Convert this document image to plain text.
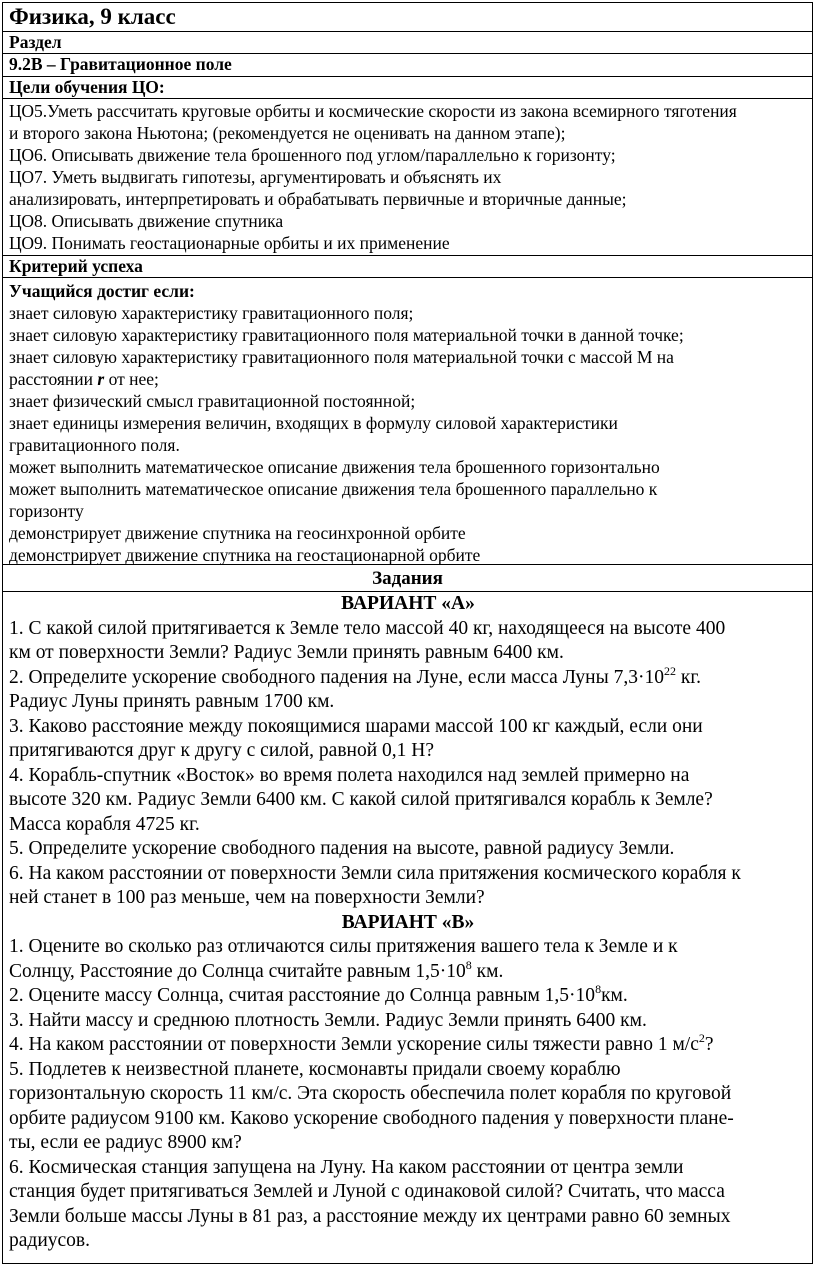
Физика, 9 класс
Раздел
9.2В – Гравитационное поле
Цели обучения ЦО:
ЦО5.Уметь рассчитать круговые орбиты и космические скорости из закона всемирного тяготения
и второго закона Ньютона; (рекомендуется не оценивать на данном этапе);
ЦО6. Описывать движение тела брошенного под углом/параллельно к горизонту;
ЦО7. Уметь выдвигать гипотезы, аргументировать и объяснять их
анализировать, интерпретировать и обрабатывать первичные и вторичные данные;
ЦО8. Описывать движение спутника
ЦО9. Понимать геостационарные орбиты и их применение
Критерий успеха
Учащийся достиг если:
знает силовую характеристику гравитационного поля;
знает силовую характеристику гравитационного поля материальной точки в данной точке;
знает силовую характеристику гравитационного поля материальной точки с массой М на
расстоянии r от нее;
знает физический смысл гравитационной постоянной;
знает единицы измерения величин, входящих в формулу силовой характеристики
гравитационного поля.
может выполнить математическое описание движения тела брошенного горизонтально
может выполнить математическое описание движения тела брошенного параллельно к
горизонту
демонстрирует движение спутника на геосинхронной орбите
демонстрирует движение спутника на геостационарной орбите
Задания
ВАРИАНТ «А»
1. С какой силой притягивается к Земле тело массой 40 кг, находящееся на высоте 400
км от поверхности Земли? Радиус Земли принять равным 6400 км.
2. Определите ускорение свободного падения на Луне, если масса Луны $7,3\cdot 10^{22}$ кг.
Радиус Луны принять равным 1700 км.
3. Каково расстояние между покоящимися шарами массой 100 кг каждый, если они
притягиваются друг к другу с силой, равной 0,1 Н?
4. Корабль-спутник «Восток» во время полета находился над землей примерно на
высоте 320 км. Радиус Земли 6400 км. С какой силой притягивался корабль к Земле?
Масса корабля 4725 кг.
5. Определите ускорение свободного падения на высоте, равной радиусу Земли.
6. На каком расстоянии от поверхности Земли сила притяжения космического корабля к
ней станет в 100 раз меньше, чем на поверхности Земли?
ВАРИАНТ «В»
1. Оцените во сколько раз отличаются силы притяжения вашего тела к Земле и к
Солнцу, Расстояние до Солнца считайте равным $1,5\cdot 10^8$ км.
2. Оцените массу Солнца, считая расстояние до Солнца равным $1,5\cdot 10^8км$.
3. Найти массу и среднюю плотность Земли. Радиус Земли принять 6400 км.
4. На каком расстоянии от поверхности Земли ускорение силы тяжести равно 1 $м/с^2$?
5. Подлетев к неизвестной планете, космонавты придали своему кораблю
горизонтальную скорость 11 км/с. Эта скорость обеспечила полет корабля по круговой
орбите радиусом 9100 км. Каково ускорение свободного падения у поверхности плане-
ты, если ее радиус 8900 км?
6. Космическая станция запущена на Луну. На каком расстоянии от центра земли
станция будет притягиваться Землей и Луной с одинаковой силой? Считать, что масса
Земли больше массы Луны в 81 раз, а расстояние между их центрами равно 60 земных
радиусов.
